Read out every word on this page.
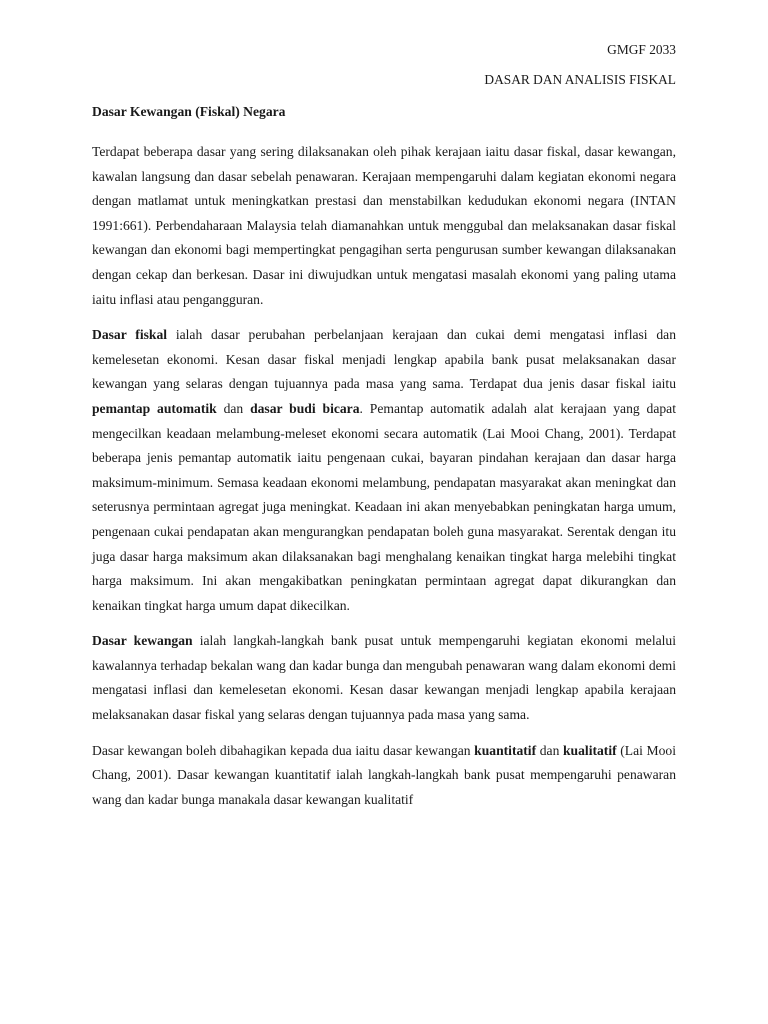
GMGF 2033
DASAR DAN ANALISIS FISKAL
Dasar Kewangan (Fiskal) Negara

Terdapat beberapa dasar yang sering dilaksanakan oleh pihak kerajaan iaitu dasar fiskal, dasar kewangan, kawalan langsung dan dasar sebelah penawaran. Kerajaan mempengaruhi dalam kegiatan ekonomi negara dengan matlamat untuk meningkatkan prestasi dan menstabilkan kedudukan ekonomi negara (INTAN 1991:661). Perbendaharaan Malaysia telah diamanahkan untuk menggubal dan melaksanakan dasar fiskal kewangan dan ekonomi bagi mempertingkat pengagihan serta pengurusan sumber kewangan dilaksanakan dengan cekap dan berkesan. Dasar ini diwujudkan untuk mengatasi masalah ekonomi yang paling utama iaitu inflasi atau pengangguran.

Dasar fiskal ialah dasar perubahan perbelanjaan kerajaan dan cukai demi mengatasi inflasi dan kemelesetan ekonomi. Kesan dasar fiskal menjadi lengkap apabila bank pusat melaksanakan dasar kewangan yang selaras dengan tujuannya pada masa yang sama. Terdapat dua jenis dasar fiskal iaitu pemantap automatik dan dasar budi bicara. Pemantap automatik adalah alat kerajaan yang dapat mengecilkan keadaan melambung-meleset ekonomi secara automatik (Lai Mooi Chang, 2001). Terdapat beberapa jenis pemantap automatik iaitu pengenaan cukai, bayaran pindahan kerajaan dan dasar harga maksimum-minimum. Semasa keadaan ekonomi melambung, pendapatan masyarakat akan meningkat dan seterusnya permintaan agregat juga meningkat. Keadaan ini akan menyebabkan peningkatan harga umum, pengenaan cukai pendapatan akan mengurangkan pendapatan boleh guna masyarakat. Serentak dengan itu juga dasar harga maksimum akan dilaksanakan bagi menghalang kenaikan tingkat harga melebihi tingkat harga maksimum. Ini akan mengakibatkan peningkatan permintaan agregat dapat dikurangkan dan kenaikan tingkat harga umum dapat dikecilkan.

Dasar kewangan ialah langkah-langkah bank pusat untuk mempengaruhi kegiatan ekonomi melalui kawalannya terhadap bekalan wang dan kadar bunga dan mengubah penawaran wang dalam ekonomi demi mengatasi inflasi dan kemelesetan ekonomi. Kesan dasar kewangan menjadi lengkap apabila kerajaan melaksanakan dasar fiskal yang selaras dengan tujuannya pada masa yang sama.

Dasar kewangan boleh dibahagikan kepada dua iaitu dasar kewangan kuantitatif dan kualitatif (Lai Mooi Chang, 2001). Dasar kewangan kuantitatif ialah langkah-langkah bank pusat mempengaruhi penawaran wang dan kadar bunga manakala dasar kewangan kualitatif
